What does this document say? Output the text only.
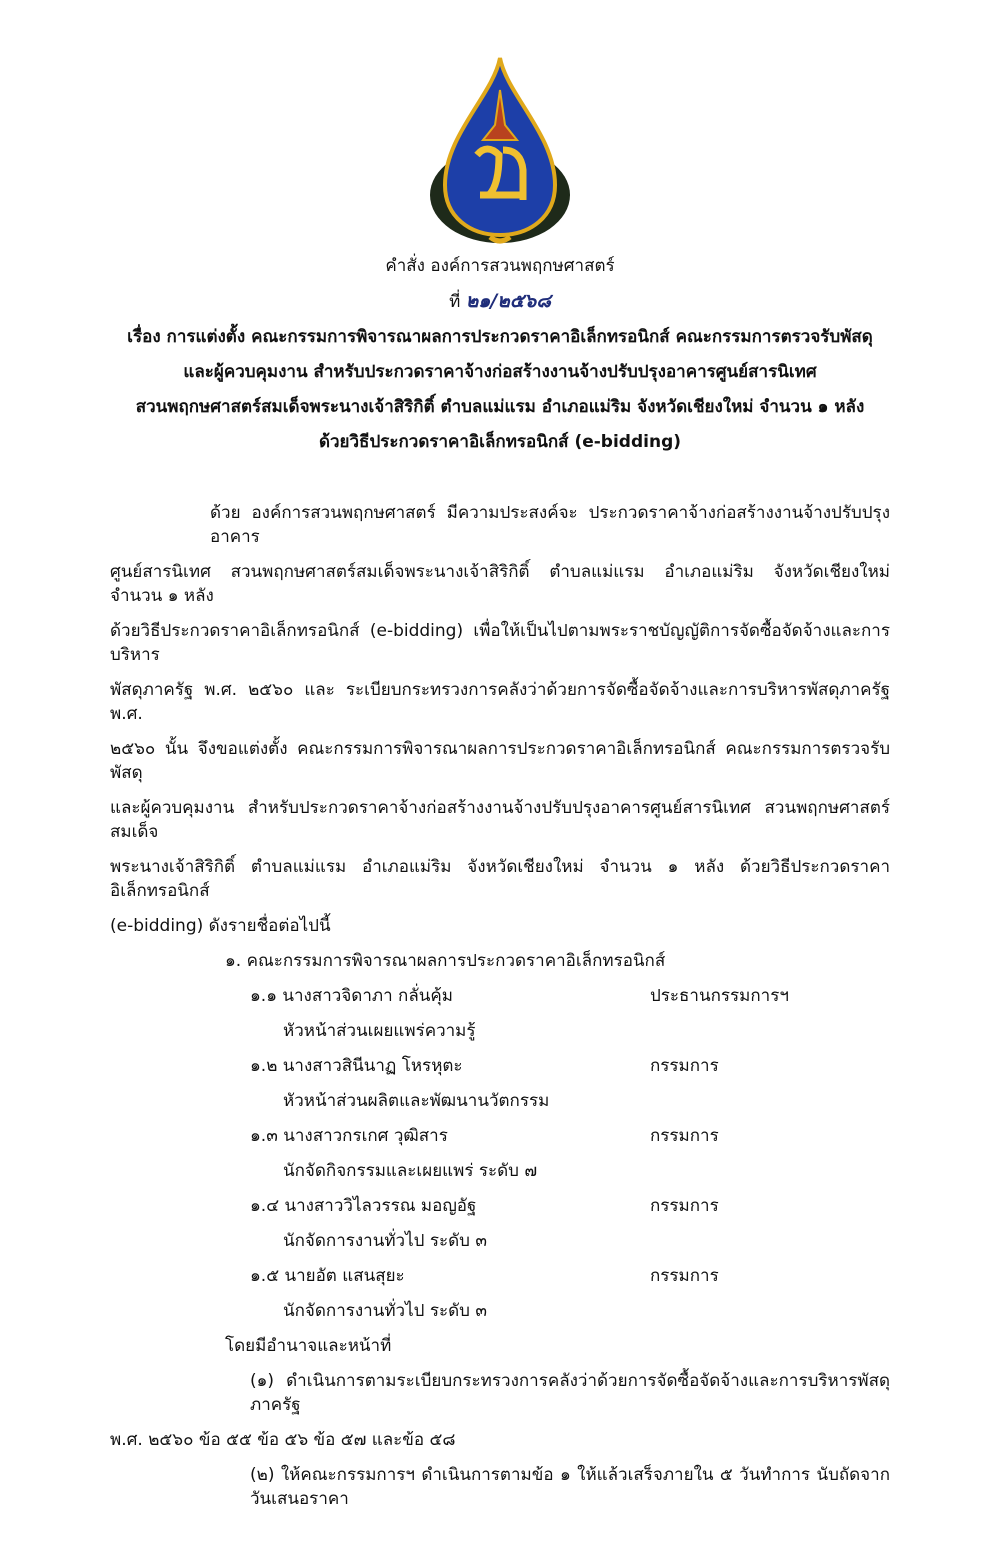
คำสั่ง องค์การสวนพฤกษศาสตร์
ที่ ๒๑/๒๕๖๘
เรื่อง การแต่งตั้ง คณะกรรมการพิจารณาผลการประกวดราคาอิเล็กทรอนิกส์ คณะกรรมการตรวจรับพัสดุ
และผู้ควบคุมงาน สำหรับประกวดราคาจ้างก่อสร้างงานจ้างปรับปรุงอาคารศูนย์สารนิเทศ
สวนพฤกษศาสตร์สมเด็จพระนางเจ้าสิริกิติ์ ตำบลแม่แรม อำเภอแม่ริม จังหวัดเชียงใหม่ จำนวน ๑ หลัง
ด้วยวิธีประกวดราคาอิเล็กทรอนิกส์ (e-bidding)
ด้วย องค์การสวนพฤกษศาสตร์ มีความประสงค์จะ ประกวดราคาจ้างก่อสร้างงานจ้างปรับปรุงอาคาร
ศูนย์สารนิเทศ สวนพฤกษศาสตร์สมเด็จพระนางเจ้าสิริกิติ์ ตำบลแม่แรม อำเภอแม่ริม จังหวัดเชียงใหม่ จำนวน ๑ หลัง
ด้วยวิธีประกวดราคาอิเล็กทรอนิกส์ (e-bidding) เพื่อให้เป็นไปตามพระราชบัญญัติการจัดซื้อจัดจ้างและการบริหาร
พัสดุภาครัฐ พ.ศ. ๒๕๖๐ และ ระเบียบกระทรวงการคลังว่าด้วยการจัดซื้อจัดจ้างและการบริหารพัสดุภาครัฐ พ.ศ.
๒๕๖๐ นั้น จึงขอแต่งตั้ง คณะกรรมการพิจารณาผลการประกวดราคาอิเล็กทรอนิกส์ คณะกรรมการตรวจรับพัสดุ
และผู้ควบคุมงาน สำหรับประกวดราคาจ้างก่อสร้างงานจ้างปรับปรุงอาคารศูนย์สารนิเทศ สวนพฤกษศาสตร์สมเด็จ
พระนางเจ้าสิริกิติ์ ตำบลแม่แรม อำเภอแม่ริม จังหวัดเชียงใหม่ จำนวน ๑ หลัง ด้วยวิธีประกวดราคาอิเล็กทรอนิกส์
(e-bidding) ดังรายชื่อต่อไปนี้
๑. คณะกรรมการพิจารณาผลการประกวดราคาอิเล็กทรอนิกส์
๑.๑ นางสาวจิดาภา กลั่นคุ้ม	ประธานกรรมการฯ
หัวหน้าส่วนเผยแพร่ความรู้
๑.๒ นางสาวสินีนาฏ โหรหุตะ	กรรมการ
หัวหน้าส่วนผลิตและพัฒนานวัตกรรม
๑.๓ นางสาวกรเกศ วุฒิสาร	กรรมการ
นักจัดกิจกรรมและเผยแพร่ ระดับ ๗
๑.๔ นางสาววิไลวรรณ มอญอัฐ	กรรมการ
นักจัดการงานทั่วไป ระดับ ๓
๑.๕ นายอัต แสนสุยะ	กรรมการ
นักจัดการงานทั่วไป ระดับ ๓
โดยมีอำนาจและหน้าที่
(๑) ดำเนินการตามระเบียบกระทรวงการคลังว่าด้วยการจัดซื้อจัดจ้างและการบริหารพัสดุภาครัฐ
พ.ศ. ๒๕๖๐ ข้อ ๕๕ ข้อ ๕๖ ข้อ ๕๗ และข้อ ๕๘
(๒) ให้คณะกรรมการฯ ดำเนินการตามข้อ ๑ ให้แล้วเสร็จภายใน ๕ วันทำการ นับถัดจากวันเสนอราคา
